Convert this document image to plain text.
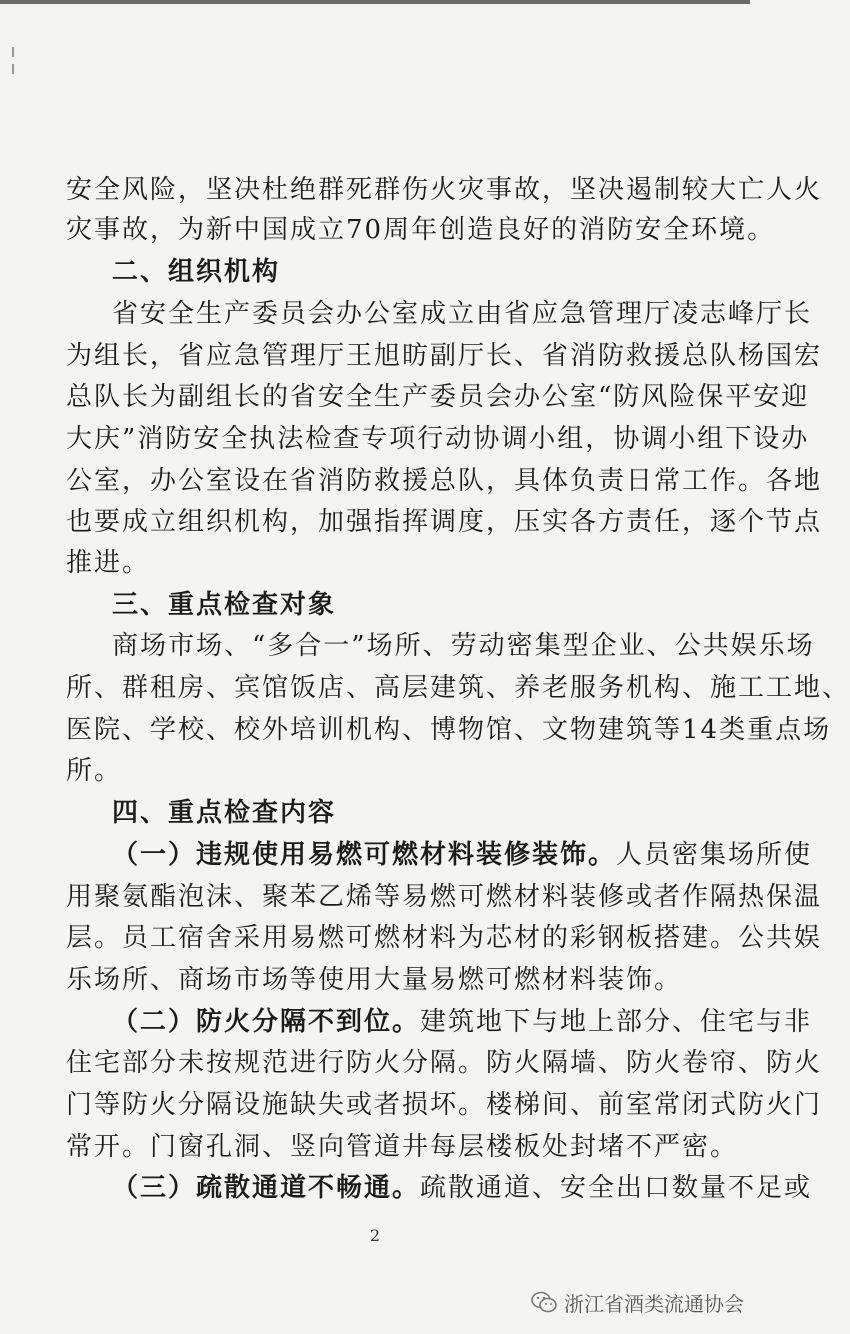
安全风险，坚决杜绝群死群伤火灾事故，坚决遏制较大亡人火
灾事故，为新中国成立70周年创造良好的消防安全环境。
二、组织机构
省安全生产委员会办公室成立由省应急管理厅凌志峰厅长
为组长，省应急管理厅王旭昉副厅长、省消防救援总队杨国宏
总队长为副组长的省安全生产委员会办公室“防风险保平安迎
大庆”消防安全执法检查专项行动协调小组，协调小组下设办
公室，办公室设在省消防救援总队，具体负责日常工作。各地
也要成立组织机构，加强指挥调度，压实各方责任，逐个节点
推进。
三、重点检查对象
商场市场、“多合一”场所、劳动密集型企业、公共娱乐场
所、群租房、宾馆饭店、高层建筑、养老服务机构、施工工地、
医院、学校、校外培训机构、博物馆、文物建筑等14类重点场
所。
四、重点检查内容
（一）违规使用易燃可燃材料装修装饰。人员密集场所使
用聚氨酯泡沫、聚苯乙烯等易燃可燃材料装修或者作隔热保温
层。员工宿舍采用易燃可燃材料为芯材的彩钢板搭建。公共娱
乐场所、商场市场等使用大量易燃可燃材料装饰。
（二）防火分隔不到位。建筑地下与地上部分、住宅与非
住宅部分未按规范进行防火分隔。防火隔墙、防火卷帘、防火
门等防火分隔设施缺失或者损坏。楼梯间、前室常闭式防火门
常开。门窗孔洞、竖向管道井每层楼板处封堵不严密。
（三）疏散通道不畅通。疏散通道、安全出口数量不足或
2
浙江省酒类流通协会
